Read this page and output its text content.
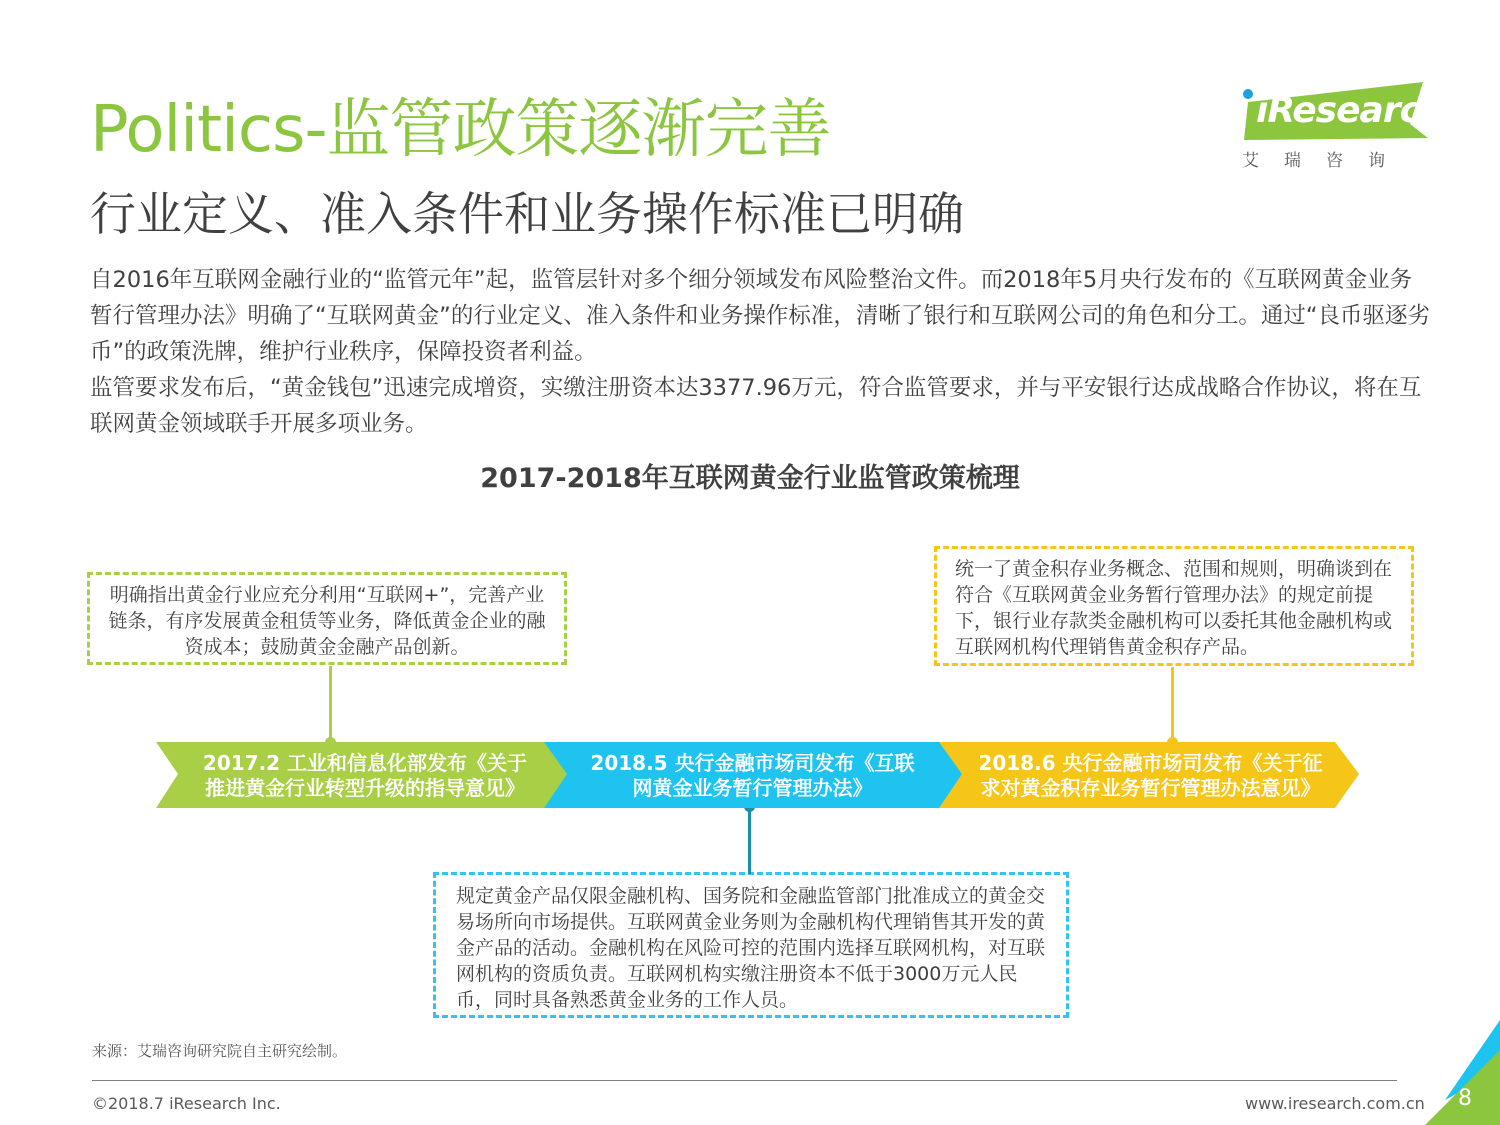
Politics-监管政策逐渐完善
行业定义、准入条件和业务操作标准已明确
iResearch
艾瑞咨询
自2016年互联网金融行业的“监管元年”起，监管层针对多个细分领域发布风险整治文件。而2018年5月央行发布的《互联网黄金业务暂行管理办法》明确了“互联网黄金”的行业定义、准入条件和业务操作标准，清晰了银行和互联网公司的角色和分工。通过“良币驱逐劣币”的政策洗牌，维护行业秩序，保障投资者利益。
监管要求发布后，“黄金钱包”迅速完成增资，实缴注册资本达3377.96万元，符合监管要求，并与平安银行达成战略合作协议，将在互联网黄金领域联手开展多项业务。
2017-2018年互联网黄金行业监管政策梳理
明确指出黄金行业应充分利用“互联网+”，完善产业链条，有序发展黄金租赁等业务，降低黄金企业的融资成本；鼓励黄金金融产品创新。
统一了黄金积存业务概念、范围和规则，明确谈到在符合《互联网黄金业务暂行管理办法》的规定前提下，银行业存款类金融机构可以委托其他金融机构或互联网机构代理销售黄金积存产品。
规定黄金产品仅限金融机构、国务院和金融监管部门批准成立的黄金交易场所向市场提供。互联网黄金业务则为金融机构代理销售其开发的黄金产品的活动。金融机构在风险可控的范围内选择互联网机构，对互联网机构的资质负责。互联网机构实缴注册资本不低于3000万元人民币，同时具备熟悉黄金业务的工作人员。
2017.2 工业和信息化部发布《关于
推进黄金行业转型升级的指导意见》
2018.5 央行金融市场司发布《互联
网黄金业务暂行管理办法》
2018.6 央行金融市场司发布《关于征
求对黄金积存业务暂行管理办法意见》
来源：艾瑞咨询研究院自主研究绘制。
©2018.7 iResearch Inc.	www.iresearch.com.cn 8
